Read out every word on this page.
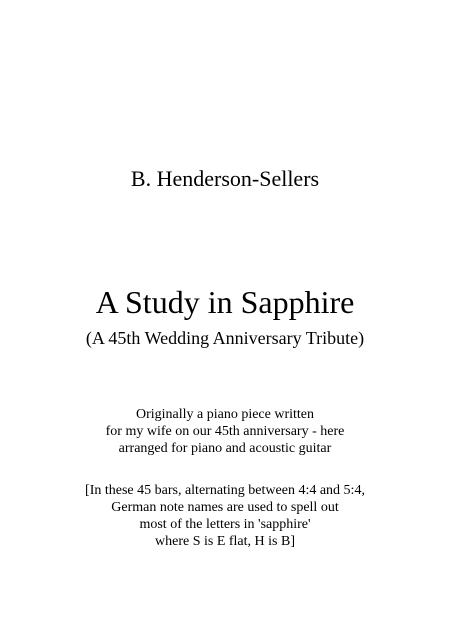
B. Henderson-Sellers
A Study in Sapphire
(A 45th Wedding Anniversary Tribute)
Originally a piano piece written
for my wife on our 45th anniversary - here
arranged for piano and acoustic guitar
[In these 45 bars, alternating between 4:4 and 5:4,
German note names are used to spell out
most of the letters in 'sapphire'
where S is E flat, H is B]
